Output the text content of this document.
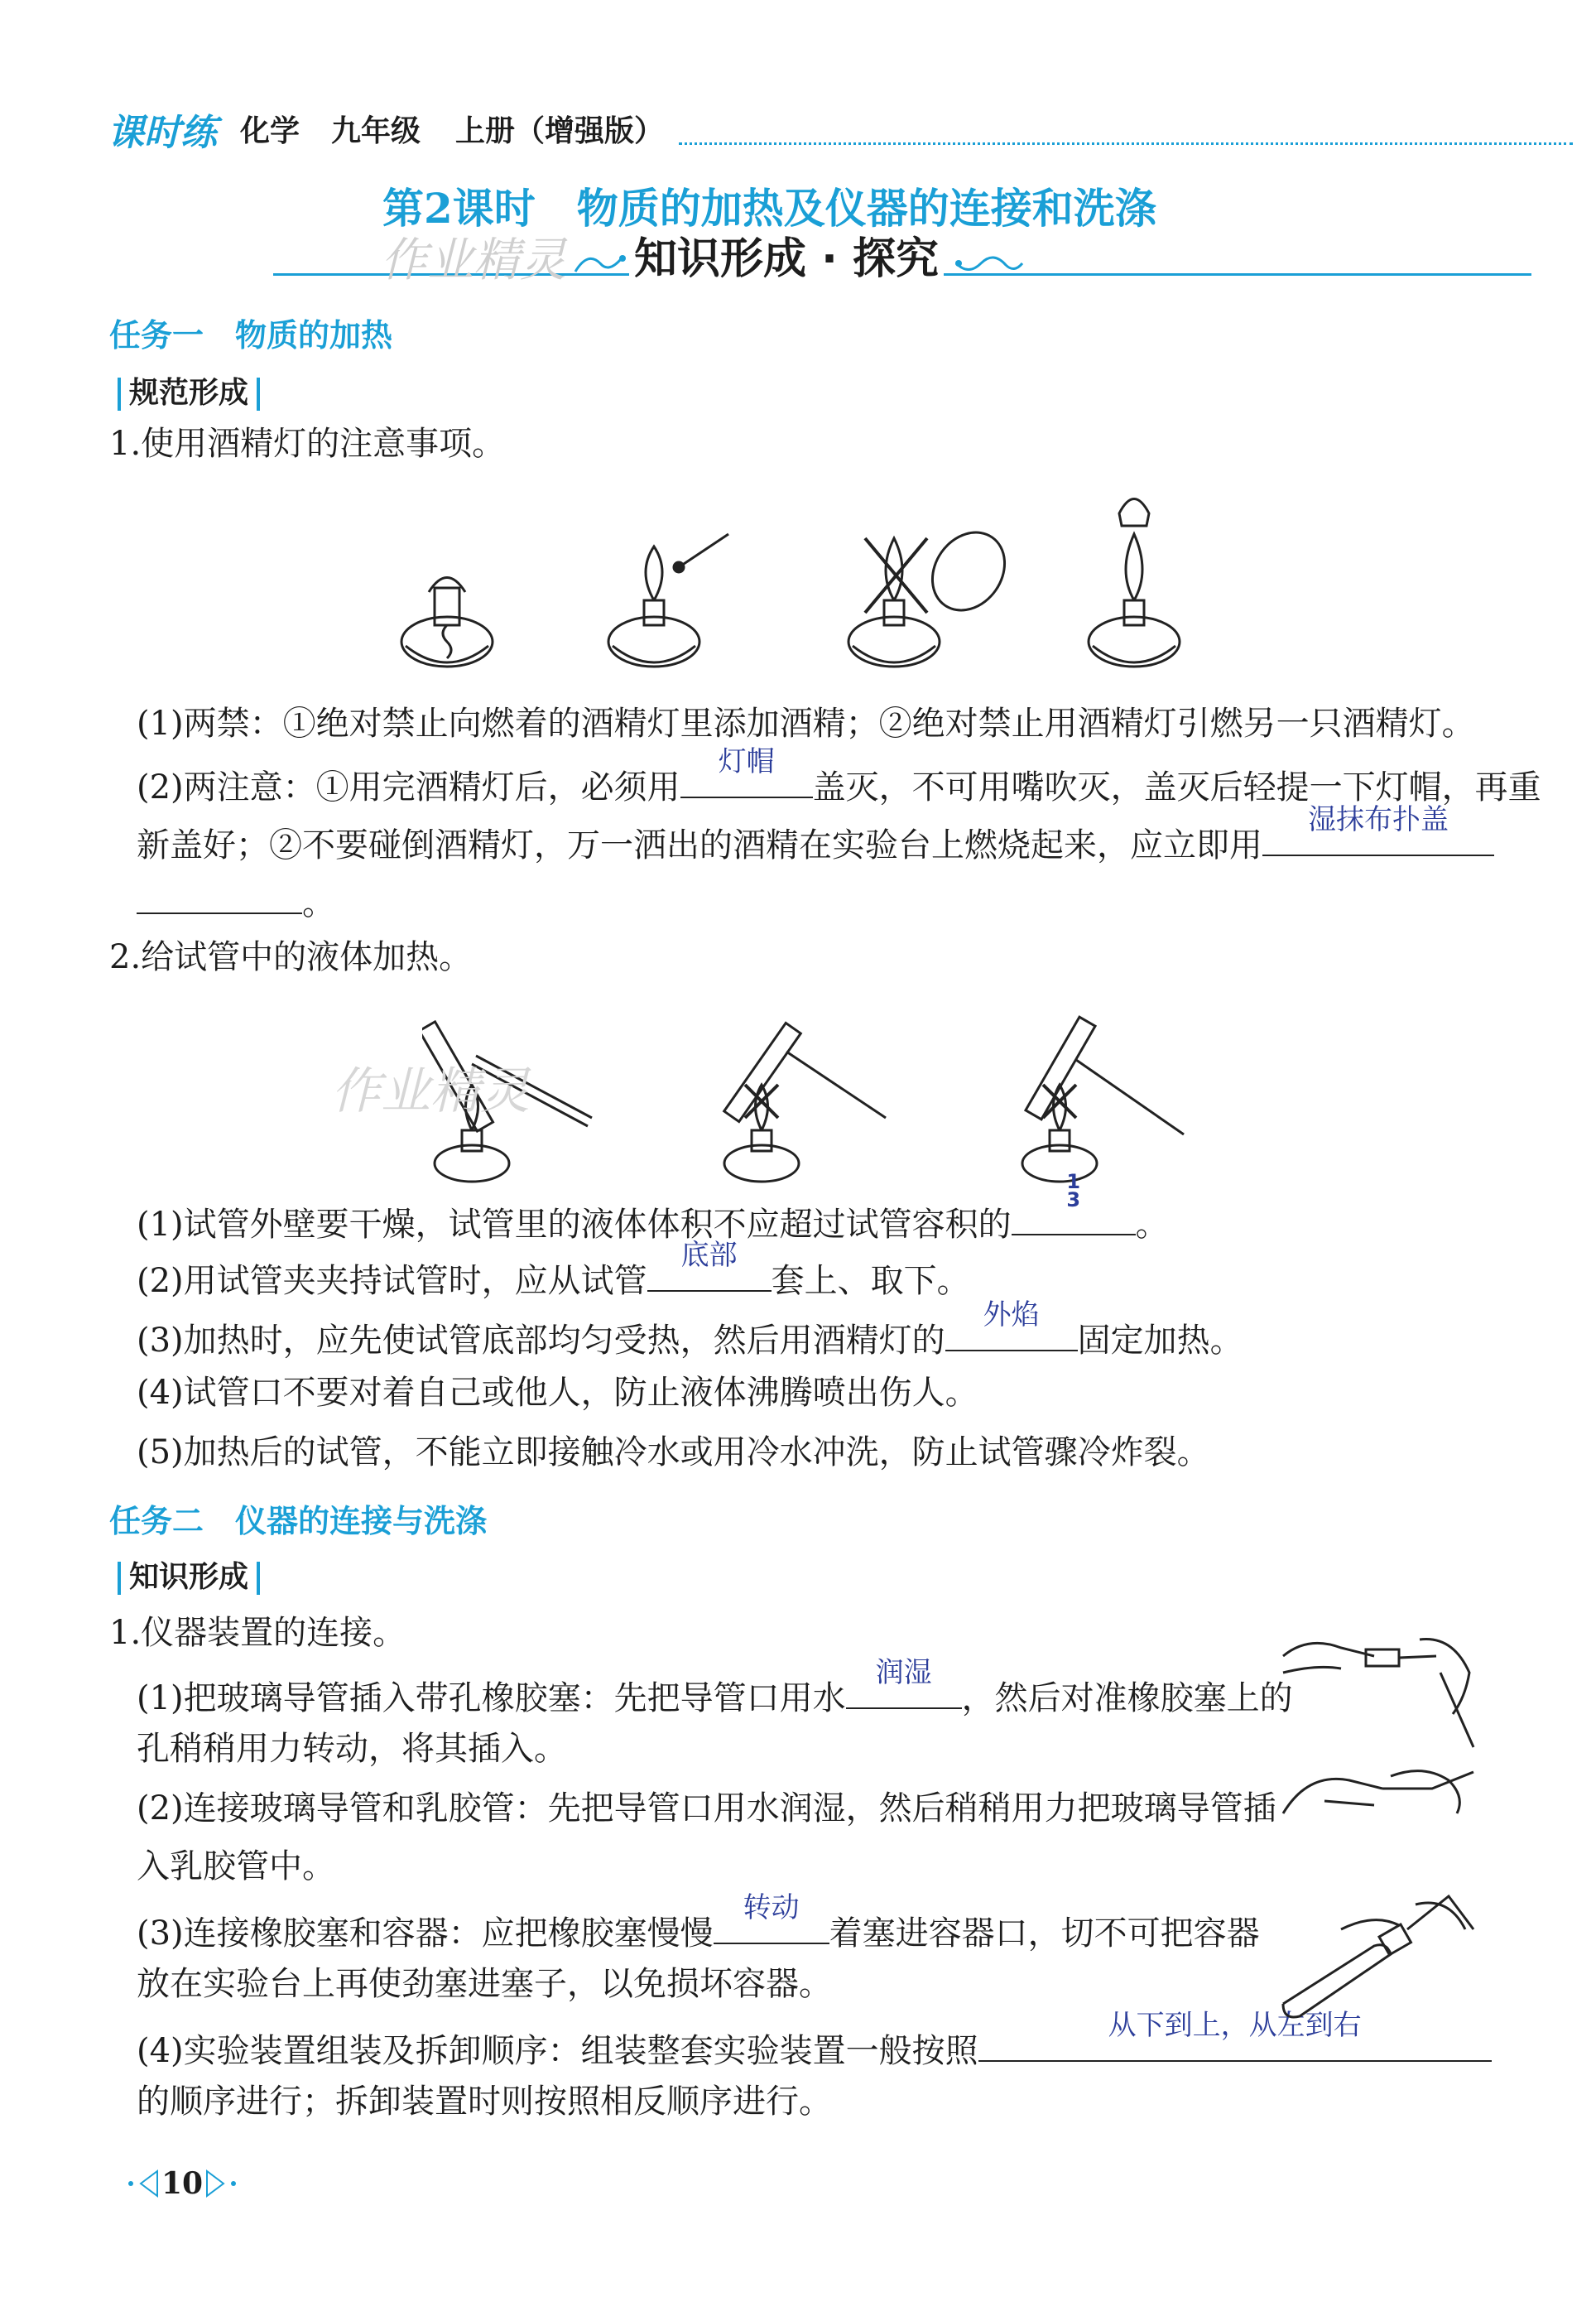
课时练 化学 九年级 上册（增强版）
第2课时　物质的加热及仪器的连接和洗涤
作业精灵 知识形成 · 探究
任务一　物质的加热
规范形成
1.使用酒精灯的注意事项。
(1)两禁：①绝对禁止向燃着的酒精灯里添加酒精；②绝对禁止用酒精灯引燃另一只酒精灯。
(2)两注意：①用完酒精灯后，必须用
灯帽
盖灭，不可用嘴吹灭，盖灭后轻提一下灯帽，再重
新盖好；②不要碰倒酒精灯，万一洒出的酒精在实验台上燃烧起来，应立即用
湿抹布扑盖
。
2.给试管中的液体加热。
作业精灵
(1)试管外壁要干燥，试管里的液体体积不应超过试管容积的
1
3
。
(2)用试管夹夹持试管时，应从试管
底部
套上、取下。
(3)加热时，应先使试管底部均匀受热，然后用酒精灯的
外焰
固定加热。
(4)试管口不要对着自己或他人，防止液体沸腾喷出伤人。
(5)加热后的试管，不能立即接触冷水或用冷水冲洗，防止试管骤冷炸裂。
任务二　仪器的连接与洗涤
知识形成
1.仪器装置的连接。
(1)把玻璃导管插入带孔橡胶塞：先把导管口用水
润湿
，然后对准橡胶塞上的
孔稍稍用力转动，将其插入。
(2)连接玻璃导管和乳胶管：先把导管口用水润湿，然后稍稍用力把玻璃导管插
入乳胶管中。
(3)连接橡胶塞和容器：应把橡胶塞慢慢
转动
着塞进容器口，切不可把容器
放在实验台上再使劲塞进塞子，以免损坏容器。
(4)实验装置组装及拆卸顺序：组装整套实验装置一般按照
从下到上，从左到右
的顺序进行；拆卸装置时则按照相反顺序进行。
10
